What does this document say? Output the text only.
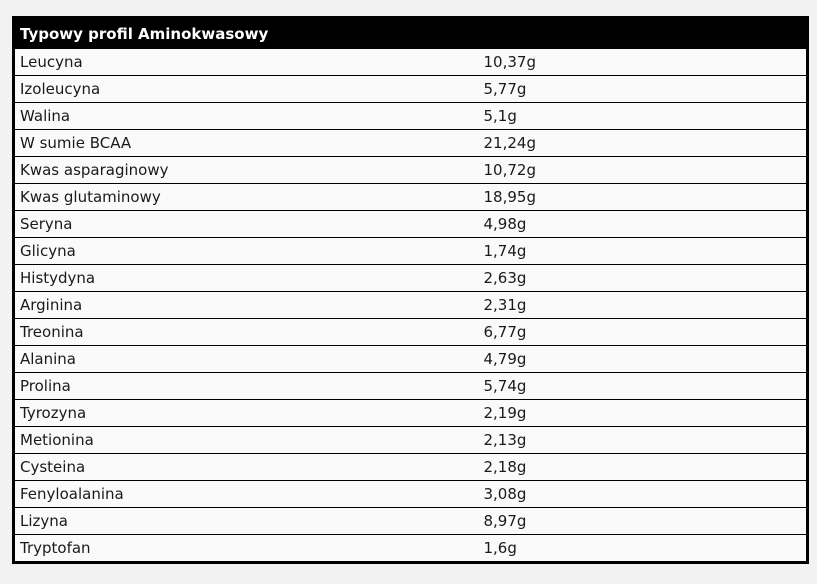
Typowy profil Aminokwasowy	
Leucyna	10,37g
Izoleucyna	5,77g
Walina	5,1g
W sumie BCAA	21,24g
Kwas asparaginowy	10,72g
Kwas glutaminowy	18,95g
Seryna	4,98g
Glicyna	1,74g
Histydyna	2,63g
Arginina	2,31g
Treonina	6,77g
Alanina	4,79g
Prolina	5,74g
Tyrozyna	2,19g
Metionina	2,13g
Cysteina	2,18g
Fenyloalanina	3,08g
Lizyna	8,97g
Tryptofan	1,6g
